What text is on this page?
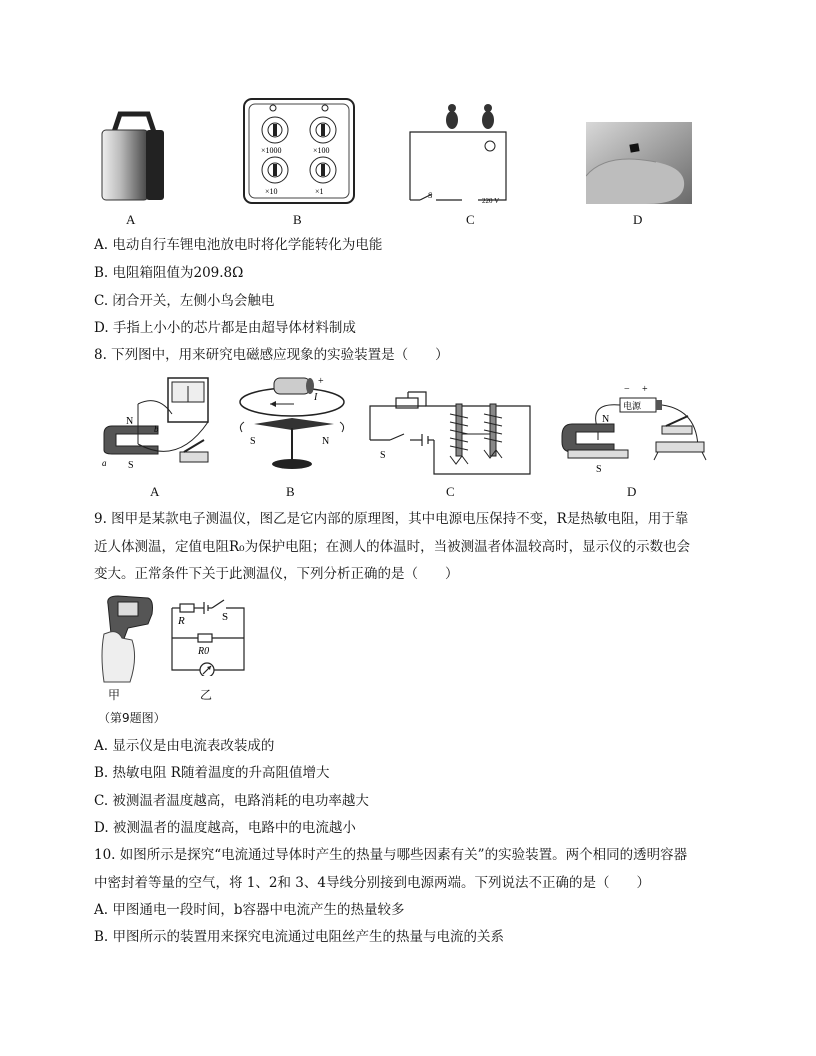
A
×1000	×100
×10	×1
B
S
220 V
C	D
A. 电动自行车锂电池放电时将化学能转化为电能
B. 电阻箱阻值为209.8Ω
C. 闭合开关，左侧小鸟会触电
D. 手指上小小的芯片都是由超导体材料制成
8. 下列图中，用来研究电磁感应现象的实验装置是（　　）
N
S
a
b
A
+
I
S	N
B
S
C
− +
电源
N
S
D
9. 图甲是某款电子测温仪，图乙是它内部的原理图，其中电源电压保持不变，R是热敏电阻，用于靠
近人体测温，定值电阻R₀为保护电阻；在测人的体温时，当被测温者体温较高时，显示仪的示数也会
变大。正常条件下关于此测温仪，下列分析正确的是（　　）
R	S
R0
甲	乙
（第9题图）
A. 显示仪是由电流表改装成的
B. 热敏电阻 R随着温度的升高阻值增大
C. 被测温者温度越高，电路消耗的电功率越大
D. 被测温者的温度越高，电路中的电流越小
10. 如图所示是探究“电流通过导体时产生的热量与哪些因素有关”的实验装置。两个相同的透明容器
中密封着等量的空气，将 1、2和 3、4导线分别接到电源两端。下列说法不正确的是（　　）
A. 甲图通电一段时间，b容器中电流产生的热量较多
B. 甲图所示的装置用来探究电流通过电阻丝产生的热量与电流的关系
